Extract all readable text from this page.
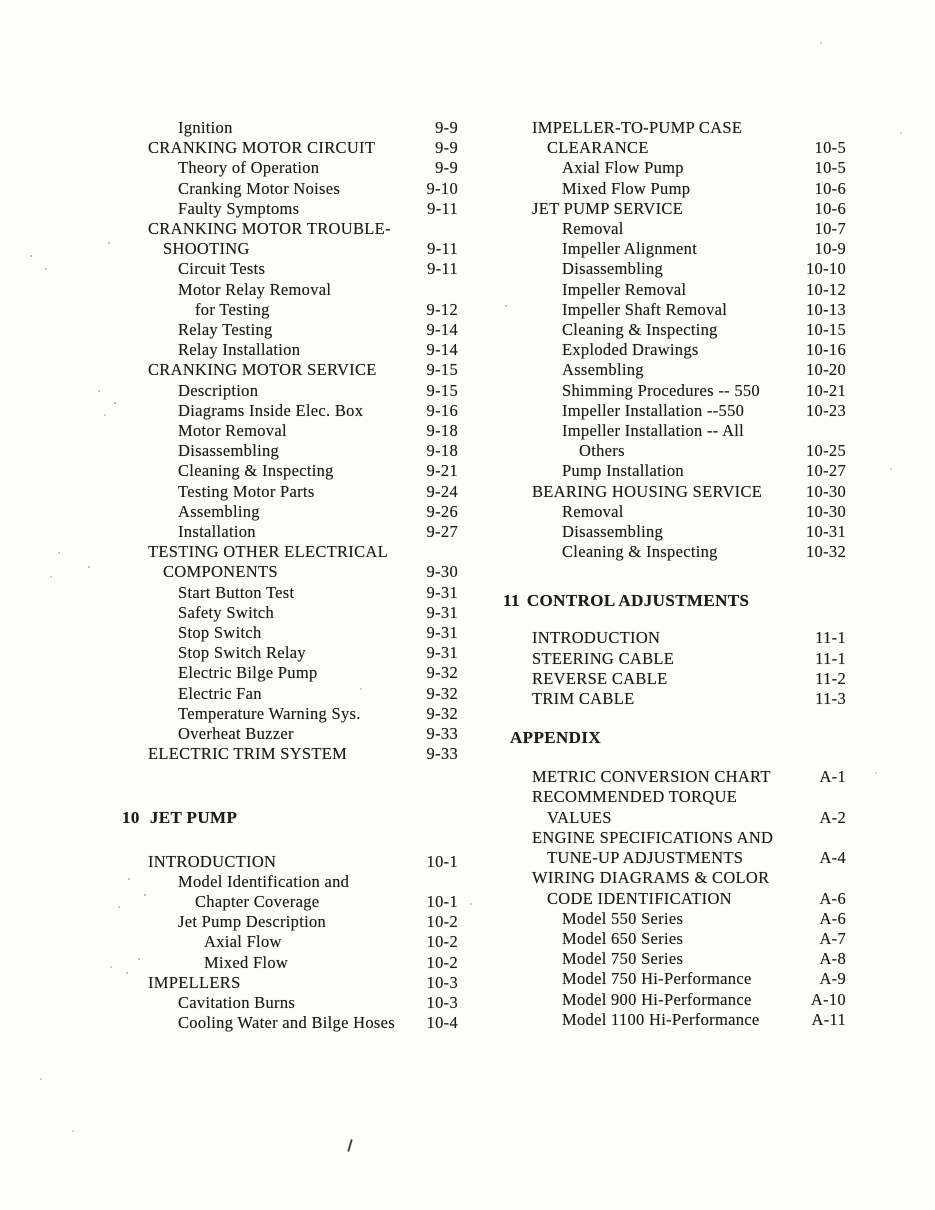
Ignition	9-9
CRANKING MOTOR CIRCUIT	9-9
Theory of Operation	9-9
Cranking Motor Noises	9-10
Faulty Symptoms	9-11
CRANKING MOTOR TROUBLE-
SHOOTING	9-11
Circuit Tests	9-11
Motor Relay Removal
for Testing	9-12
Relay Testing	9-14
Relay Installation	9-14
CRANKING MOTOR SERVICE	9-15
Description	9-15
Diagrams Inside Elec. Box	9-16
Motor Removal	9-18
Disassembling	9-18
Cleaning & Inspecting	9-21
Testing Motor Parts	9-24
Assembling	9-26
Installation	9-27
TESTING OTHER ELECTRICAL
COMPONENTS	9-30
Start Button Test	9-31
Safety Switch	9-31
Stop Switch	9-31
Stop Switch Relay	9-31
Electric Bilge Pump	9-32
Electric Fan	9-32
Temperature Warning Sys.	9-32
Overheat Buzzer	9-33
ELECTRIC TRIM SYSTEM	9-33
10 JET PUMP
INTRODUCTION	10-1
Model Identification and
Chapter Coverage	10-1
Jet Pump Description	10-2
Axial Flow	10-2
Mixed Flow	10-2
IMPELLERS	10-3
Cavitation Burns	10-3
Cooling Water and Bilge Hoses 10-4
IMPELLER-TO-PUMP CASE
CLEARANCE	10-5
Axial Flow Pump	10-5
Mixed Flow Pump	10-6
JET PUMP SERVICE	10-6
Removal	10-7
Impeller Alignment	10-9
Disassembling	10-10
Impeller Removal	10-12
Impeller Shaft Removal	10-13
Cleaning & Inspecting	10-15
Exploded Drawings	10-16
Assembling	10-20
Shimming Procedures -- 550	10-21
Impeller Installation --550	10-23
Impeller Installation -- All
Others	10-25
Pump Installation	10-27
BEARING HOUSING SERVICE	10-30
Removal	10-30
Disassembling	10-31
Cleaning & Inspecting	10-32
11 CONTROL ADJUSTMENTS
INTRODUCTION	11-1
STEERING CABLE	11-1
REVERSE CABLE	11-2
TRIM CABLE	11-3
APPENDIX
METRIC CONVERSION CHART	A-1
RECOMMENDED TORQUE
VALUES	A-2
ENGINE SPECIFICATIONS AND
TUNE-UP ADJUSTMENTS	A-4
WIRING DIAGRAMS & COLOR
CODE IDENTIFICATION	A-6
Model 550 Series	A-6
Model 650 Series	A-7
Model 750 Series	A-8
Model 750 Hi-Performance	A-9
Model 900 Hi-Performance	A-10
Model 1100 Hi-Performance	A-11
